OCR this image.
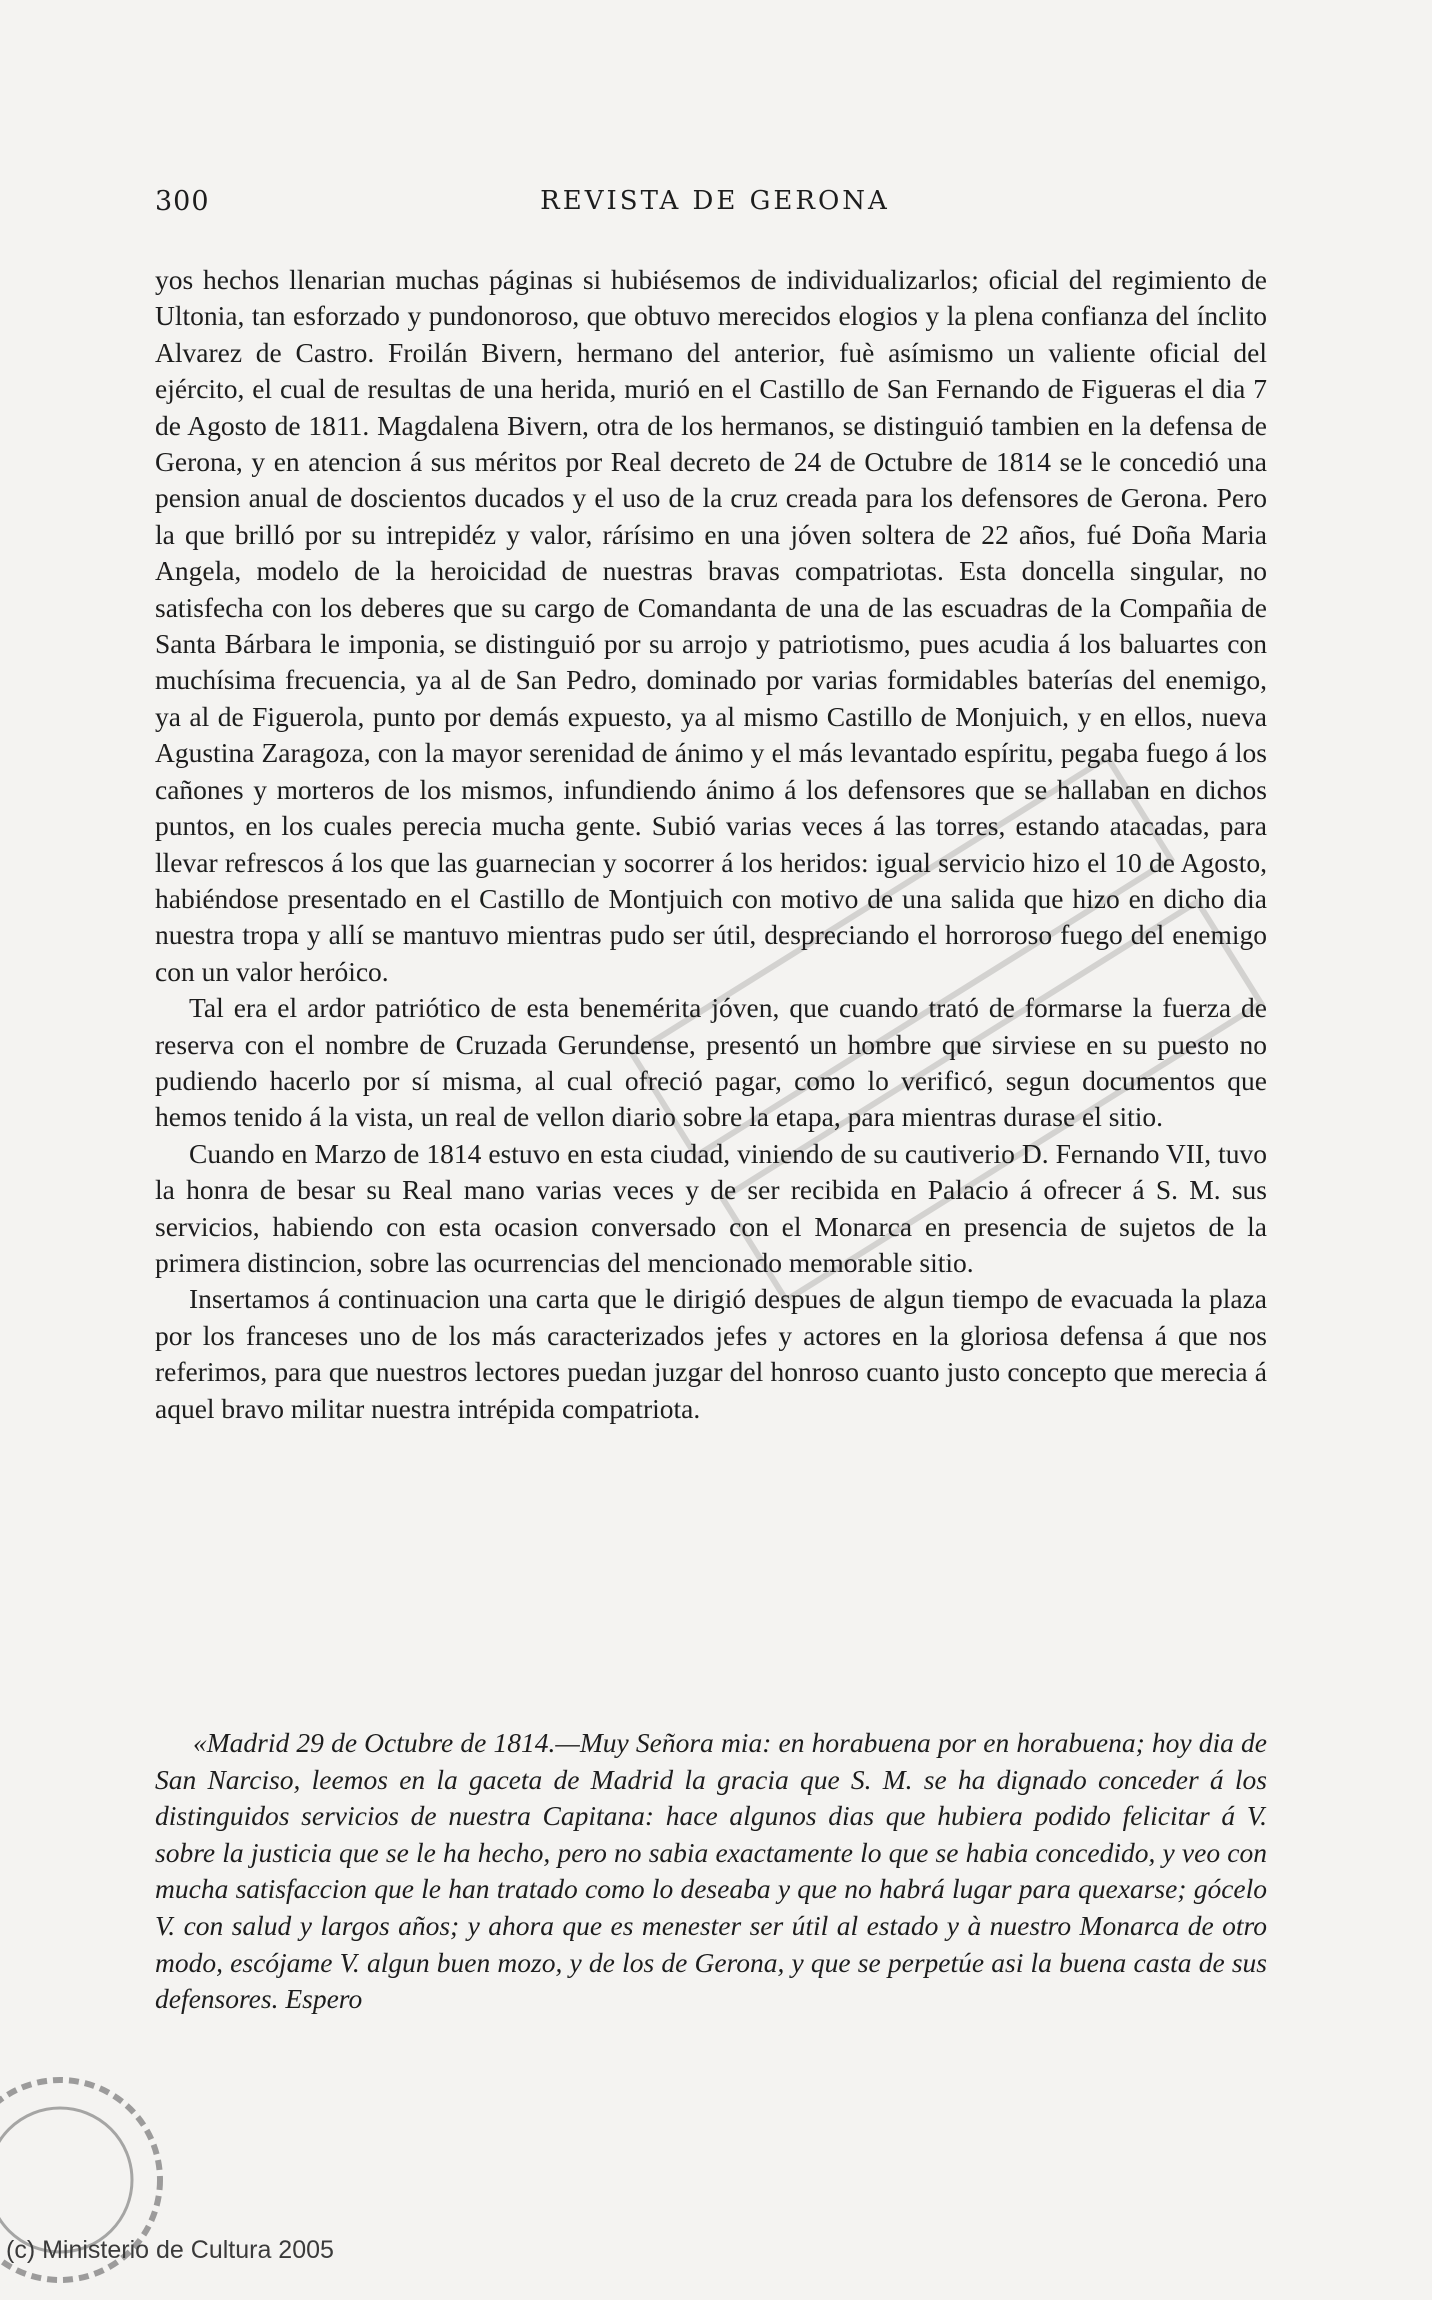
300	REVISTA DE GERONA

yos hechos llenarian muchas páginas si hubiésemos de individualizarlos; oficial del regimiento de Ultonia, tan esforzado y pundonoroso, que obtuvo merecidos elogios y la plena confianza del ínclito Alvarez de Castro. Froilán Bivern, hermano del anterior, fuè asímismo un valiente oficial del ejército, el cual de resultas de una herida, murió en el Castillo de San Fernando de Figueras el dia 7 de Agosto de 1811. Magdalena Bivern, otra de los hermanos, se distinguió tambien en la defensa de Gerona, y en atencion á sus méritos por Real decreto de 24 de Octubre de 1814 se le concedió una pension anual de doscientos ducados y el uso de la cruz creada para los defensores de Gerona. Pero la que brilló por su intrepidéz y valor, rárísimo en una jóven soltera de 22 años, fué Doña Maria Angela, modelo de la heroicidad de nuestras bravas compatriotas. Esta doncella singular, no satisfecha con los deberes que su cargo de Comandanta de una de las escuadras de la Compañia de Santa Bárbara le imponia, se distinguió por su arrojo y patriotismo, pues acudia á los baluartes con muchísima frecuencia, ya al de San Pedro, dominado por varias formidables baterías del enemigo, ya al de Figuerola, punto por demás expuesto, ya al mismo Castillo de Monjuich, y en ellos, nueva Agustina Zaragoza, con la mayor serenidad de ánimo y el más levantado espíritu, pegaba fuego á los cañones y morteros de los mismos, infundiendo ánimo á los defensores que se hallaban en dichos puntos, en los cuales perecia mucha gente. Subió varias veces á las torres, estando atacadas, para llevar refrescos á los que las guarnecian y socorrer á los heridos: igual servicio hizo el 10 de Agosto, habiéndose presentado en el Castillo de Montjuich con motivo de una salida que hizo en dicho dia nuestra tropa y allí se mantuvo mientras pudo ser útil, despreciando el horroroso fuego del enemigo con un valor heróico.

Tal era el ardor patriótico de esta benemérita jóven, que cuando trató de formarse la fuerza de reserva con el nombre de Cruzada Gerundense, presentó un hombre que sirviese en su puesto no pudiendo hacerlo por sí misma, al cual ofreció pagar, como lo verificó, segun documentos que hemos tenido á la vista, un real de vellon diario sobre la etapa, para mientras durase el sitio.

Cuando en Marzo de 1814 estuvo en esta ciudad, viniendo de su cautiverio D. Fernando VII, tuvo la honra de besar su Real mano varias veces y de ser recibida en Palacio á ofrecer á S. M. sus servicios, habiendo con esta ocasion conversado con el Monarca en presencia de sujetos de la primera distincion, sobre las ocurrencias del mencionado memorable sitio.

Insertamos á continuacion una carta que le dirigió despues de algun tiempo de evacuada la plaza por los franceses uno de los más caracterizados jefes y actores en la gloriosa defensa á que nos referimos, para que nuestros lectores puedan juzgar del honroso cuanto justo concepto que merecia á aquel bravo militar nuestra intrépida compatriota.

«Madrid 29 de Octubre de 1814.—Muy Señora mia: en horabuena por en horabuena; hoy dia de San Narciso, leemos en la gaceta de Madrid la gracia que S. M. se ha dignado conceder á los distinguidos servicios de nuestra Capitana: hace algunos dias que hubiera podido felicitar á V. sobre la justicia que se le ha hecho, pero no sabia exactamente lo que se habia concedido, y veo con mucha satisfaccion que le han tratado como lo deseaba y que no habrá lugar para quexarse; gócelo V. con salud y largos años; y ahora que es menester ser útil al estado y à nuestro Monarca de otro modo, escójame V. algun buen mozo, y de los de Gerona, y que se perpetúe asi la buena casta de sus defensores. Espero

(c) Ministerio de Cultura 2005
